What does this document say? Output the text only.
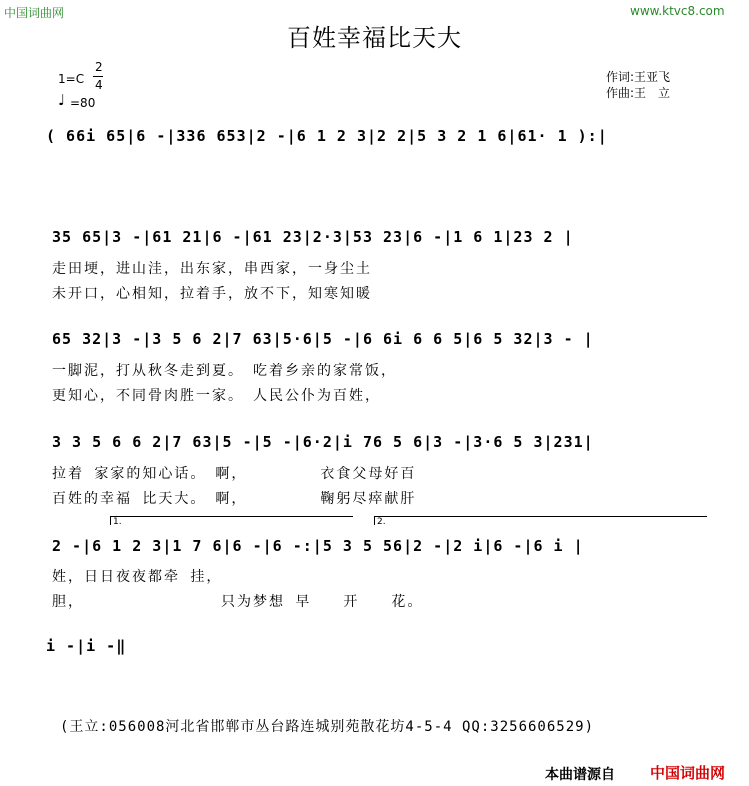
中国词曲网	www.ktvc8.com
百姓幸福比天大
1=C
2
4
♩ =80
作词:王亚飞
作曲:王　立
( 66i 65|6 -|336 653|2 -|6 1 2 3|2 2|5 3 2 1 6|61· 1 ):|
35 65|3 -|61 21|6 -|61 23|2·3|53 23|6 -|1 6 1|23 2 |
走田埂，进山洼，出东家，串西家，一身尘土
未开口，心相知，拉着手，放不下，知寒知暖
65 32|3 -|3 5 6 2|7 63|5·6|5 -|6 6i 6 6 5|6 5 32|3 - |
一脚泥，打从秋冬走到夏。　吃着乡亲的家常饭，
更知心，不同骨肉胜一家。　人民公仆为百姓，
3 3 5 6 6 2|7 63|5 -|5 -|6·2|i 76 5 6|3 -|3·6 5 3|231|
拉着 家家的知心话。　啊，　　　　　衣食父母好百
百姓的幸福 比天大。　啊，　　　　　鞠躬尽瘁献肝
1.	2.
2 -|6 1 2 3|1 7 6|6 -|6 -:|5 3 5 56|2 -|2 i|6 -|6 i |
姓，日日夜夜都牵 挂，
胆，　　　　　　　　　只为梦想 早　　开　　花。
i -|i -‖
(王立:056008河北省邯郸市丛台路连城别苑散花坊4-5-4 QQ:3256606529)
本曲谱源自 中国词曲网
